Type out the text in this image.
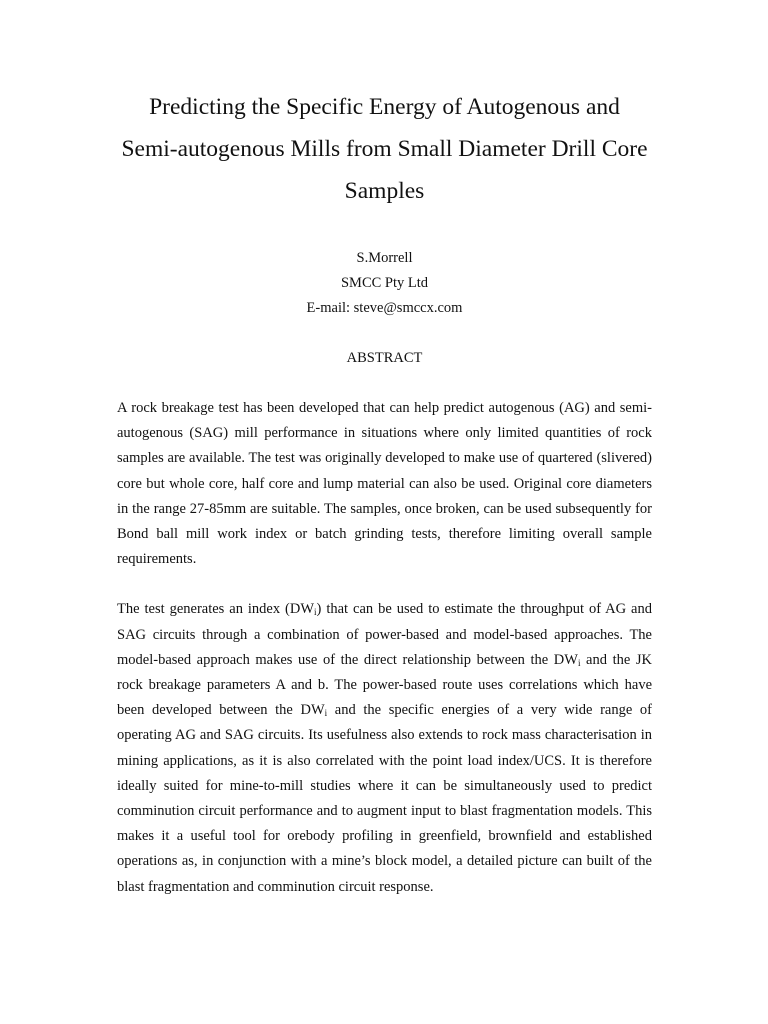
Predicting the Specific Energy of Autogenous and Semi-autogenous Mills from Small Diameter Drill Core Samples
S.Morrell
SMCC Pty Ltd
E-mail: steve@smccx.com
ABSTRACT

A rock breakage test has been developed that can help predict autogenous (AG) and semi-autogenous (SAG) mill performance in situations where only limited quantities of rock samples are available. The test was originally developed to make use of quartered (slivered) core but whole core, half core and lump material can also be used. Original core diameters in the range 27-85mm are suitable. The samples, once broken, can be used subsequently for Bond ball mill work index or batch grinding tests, therefore limiting overall sample requirements.

The test generates an index $(DW_i)$ that can be used to estimate the throughput of AG and SAG circuits through a combination of power-based and model-based approaches. The model-based approach makes use of the direct relationship between the $DW_i$ and the JK rock breakage parameters A and b. The power-based route uses correlations which have been developed between the $DW_i$ and the specific energies of a very wide range of operating AG and SAG circuits. Its usefulness also extends to rock mass characterisation in mining applications, as it is also correlated with the point load index/UCS. It is therefore ideally suited for mine-to-mill studies where it can be simultaneously used to predict comminution circuit performance and to augment input to blast fragmentation models. This makes it a useful tool for orebody profiling in greenfield, brownfield and established operations as, in conjunction with a mine’s block model, a detailed picture can built of the blast fragmentation and comminution circuit response.
